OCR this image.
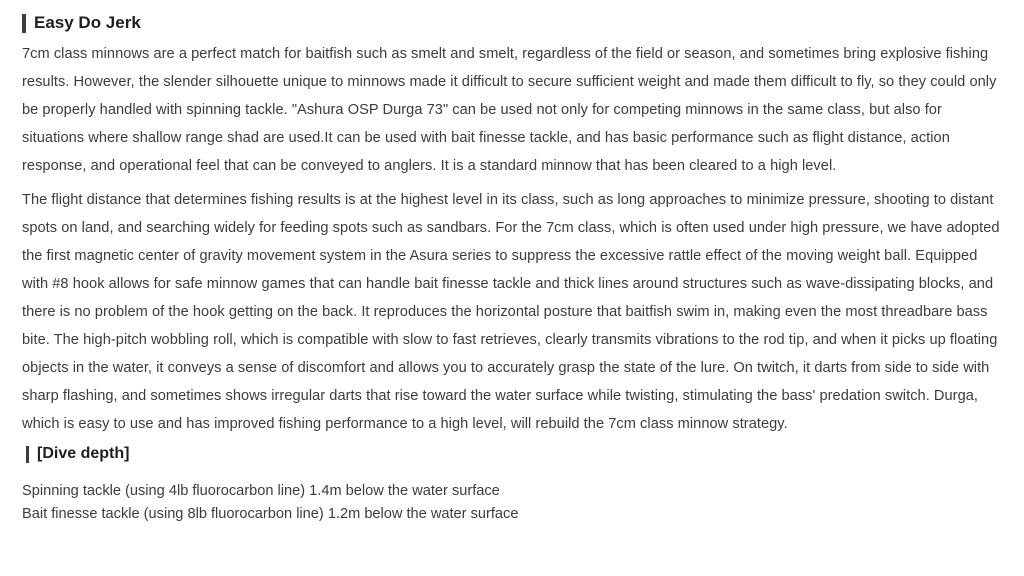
Easy Do Jerk

7cm class minnows are a perfect match for baitfish such as smelt and smelt, regardless of the field or season, and sometimes bring explosive fishing results. However, the slender silhouette unique to minnows made it difficult to secure sufficient weight and made them difficult to fly, so they could only be properly handled with spinning tackle. "Ashura OSP Durga 73" can be used not only for competing minnows in the same class, but also for situations where shallow range shad are used.It can be used with bait finesse tackle, and has basic performance such as flight distance, action response, and operational feel that can be conveyed to anglers. It is a standard minnow that has been cleared to a high level.

The flight distance that determines fishing results is at the highest level in its class, such as long approaches to minimize pressure, shooting to distant spots on land, and searching widely for feeding spots such as sandbars. For the 7cm class, which is often used under high pressure, we have adopted the first magnetic center of gravity movement system in the Asura series to suppress the excessive rattle effect of the moving weight ball. Equipped with #8 hook allows for safe minnow games that can handle bait finesse tackle and thick lines around structures such as wave-dissipating blocks, and there is no problem of the hook getting on the back. It reproduces the horizontal posture that baitfish swim in, making even the most threadbare bass bite. The high-pitch wobbling roll, which is compatible with slow to fast retrieves, clearly transmits vibrations to the rod tip, and when it picks up floating objects in the water, it conveys a sense of discomfort and allows you to accurately grasp the state of the lure. On twitch, it darts from side to side with sharp flashing, and sometimes shows irregular darts that rise toward the water surface while twisting, stimulating the bass' predation switch. Durga, which is easy to use and has improved fishing performance to a high level, will rebuild the 7cm class minnow strategy.

[Dive depth]
Spinning tackle (using 4lb fluorocarbon line) 1.4m below the water surface
Bait finesse tackle (using 8lb fluorocarbon line) 1.2m below the water surface
